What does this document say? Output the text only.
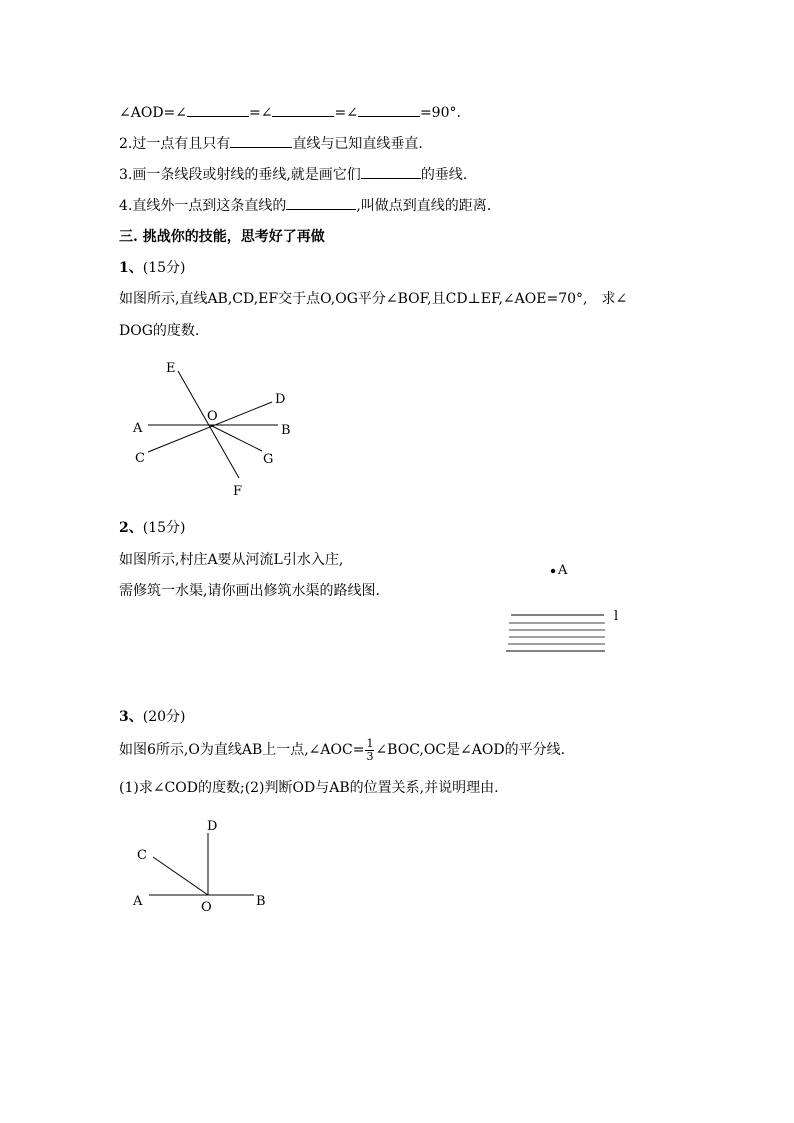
∠AOD=∠	=∠	=∠	=90°.
2.过一点有且只有	直线与已知直线垂直.
3.画一条线段或射线的垂线,就是画它们	的垂线.
4.直线外一点到这条直线的	,叫做点到直线的距离.
三. 挑战你的技能，思考好了再做
1、(15分)
如图所示,直线AB,CD,EF交于点O,OG平分∠BOF,且CD⊥EF,∠AOE=70°,　求∠
DOG的度数.
E
D
O
A	B
C	G
F
2、(15分)
如图所示,村庄A要从河流L引水入庄,
需修筑一水渠,请你画出修筑水渠的路线图.
A
l
3、(20分)
如图6所示,O为直线AB上一点,∠AOC= $\frac{1}{3}$ ∠BOC,OC是∠AOD的平分线.
(1)求∠COD的度数;(2)判断OD与AB的位置关系,并说明理由.
D
C
A	O	B
